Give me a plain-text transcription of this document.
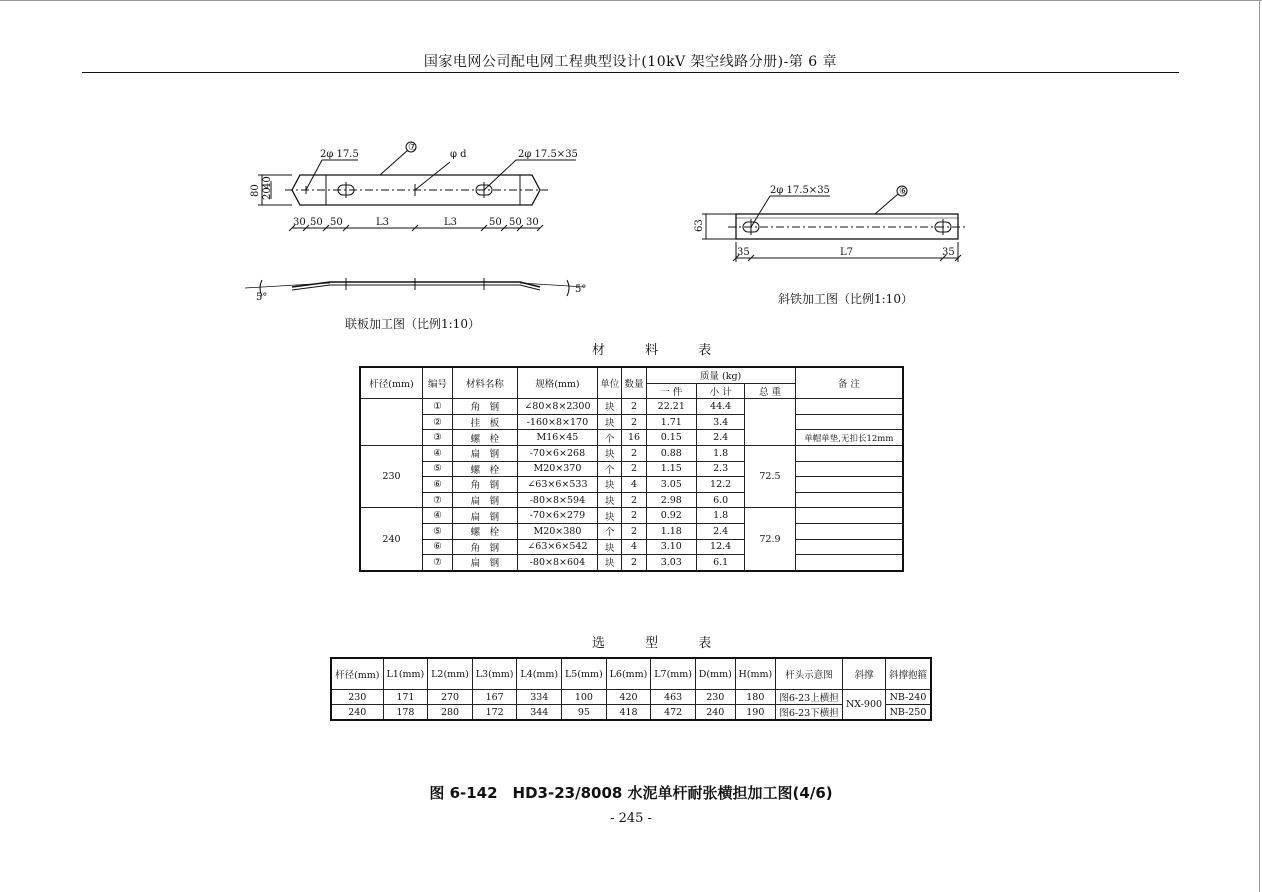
国家电网公司配电网工程典型设计(10kV 架空线路分册)-第 6 章
2φ 17.5
⑦
φ d	2φ 17.5×35
80 20
40
30 50 50	L3	L3	50 50 30
5°
5°
2φ 17.5×35	⑥
63
35	L7	35
联板加工图（比例1:10）
斜铁加工图（比例1:10）
材 料 表
杆径(mm)	编号	材料名称	规格(mm)	单位	数量	质量 (kg)			备 注
						一 件	小 计	总 重	
	①	角　钢	∠80×8×2300	块	2	22.21	44.4		
	②	挂　板	-160×8×170	块	2	1.71	3.4		
	③	螺　栓	M16×45	个	16	0.15	2.4		单帽单垫,无扣长12mm
230	④	扁　钢	-70×6×268	块	2	0.88	1.8	72.5	
	⑤	螺　栓	M20×370	个	2	1.15	2.3		
	⑥	角　钢	∠63×6×533	块	4	3.05	12.2		
	⑦	扁　钢	-80×8×594	块	2	2.98	6.0		
240	④	扁　钢	-70×6×279	块	2	0.92	1.8	72.9	
	⑤	螺　栓	M20×380	个	2	1.18	2.4		
	⑥	角　钢	∠63×6×542	块	4	3.10	12.4		
	⑦	扁　钢	-80×8×604	块	2	3.03	6.1		
选 型 表
杆径(mm)	L1(mm)	L2(mm)	L3(mm)	L4(mm)	L5(mm)	L6(mm)	L7(mm)	D(mm)	H(mm)	杆头示意图	斜撑	斜撑抱箍
230	171	270	167	334	100	420	463	230	180	图6-23上横担	NX-900	NB-240
240	178	280	172	344	95	418	472	240	190	图6-23下横担		NB-250
图 6-142　HD3-23/8008 水泥单杆耐张横担加工图(4/6)
- 245 -
